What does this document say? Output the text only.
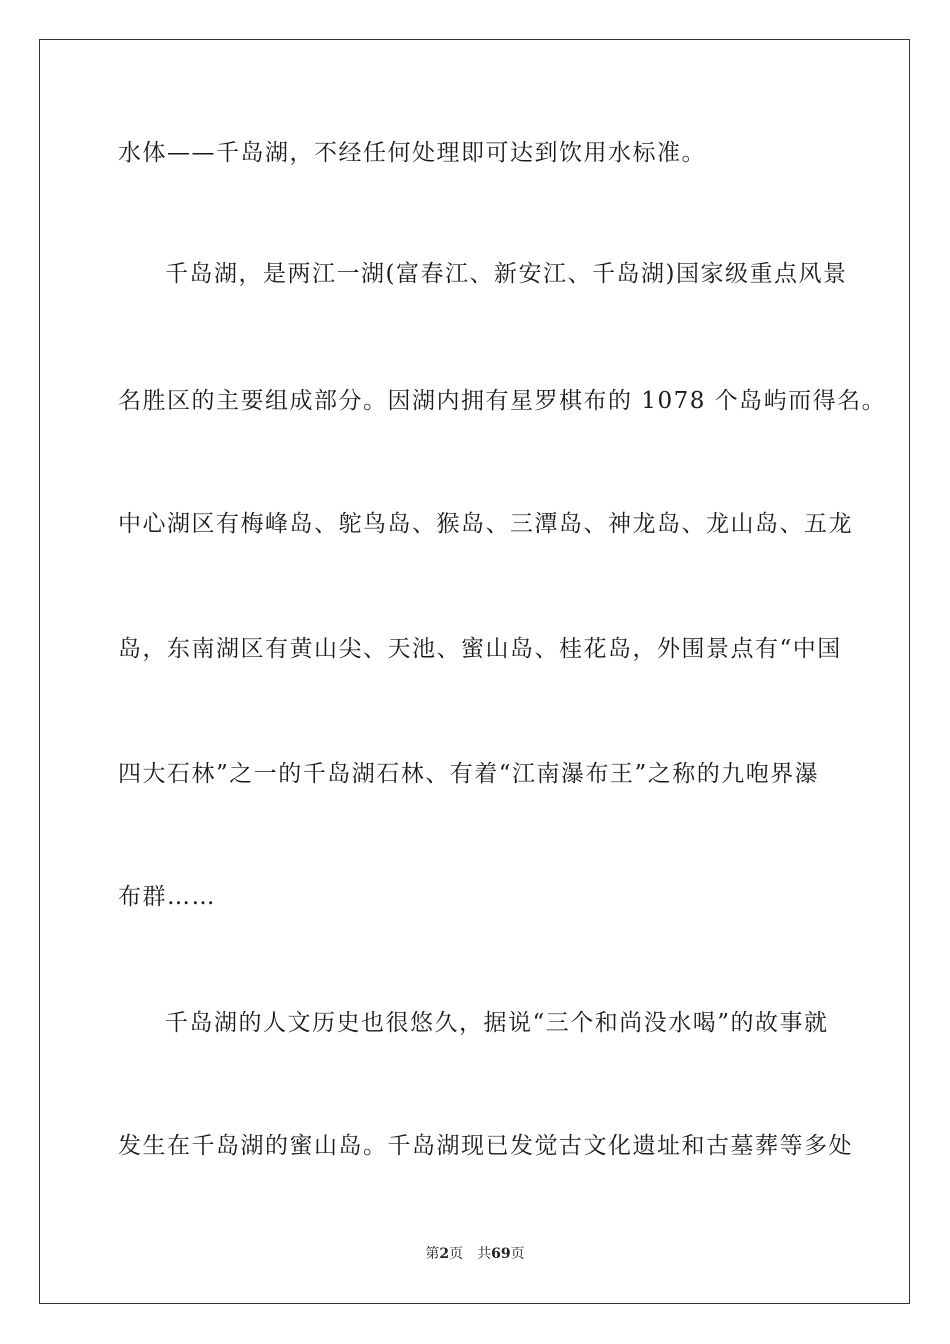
水体——千岛湖，不经任何处理即可达到饮用水标准。
千岛湖，是两江一湖(富春江、新安江、千岛湖)国家级重点风景
名胜区的主要组成部分。因湖内拥有星罗棋布的 1078 个岛屿而得名。
中心湖区有梅峰岛、鸵鸟岛、猴岛、三潭岛、神龙岛、龙山岛、五龙
岛，东南湖区有黄山尖、天池、蜜山岛、桂花岛，外围景点有“中国
四大石林”之一的千岛湖石林、有着“江南瀑布王”之称的九咆界瀑
布群……
千岛湖的人文历史也很悠久，据说“三个和尚没水喝”的故事就
发生在千岛湖的蜜山岛。千岛湖现已发觉古文化遗址和古墓葬等多处
第2页 共69页
